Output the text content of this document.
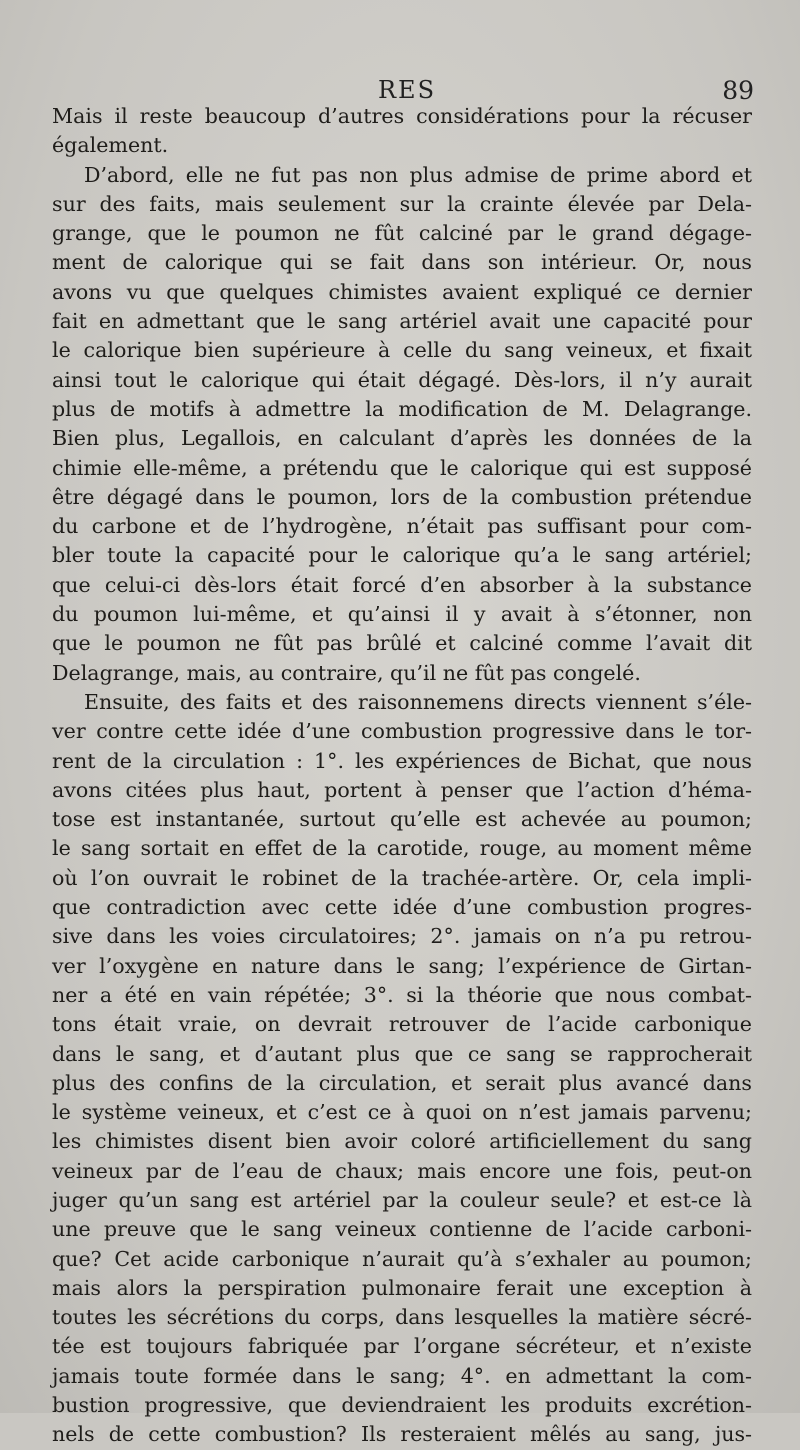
RES	89
Mais il reste beaucoup d’autres considérations pour la récuser
également.
D’abord, elle ne fut pas non plus admise de prime abord et
sur des faits, mais seulement sur la crainte élevée par Dela-
grange, que le poumon ne fût calciné par le grand dégage-
ment de calorique qui se fait dans son intérieur. Or, nous
avons vu que quelques chimistes avaient expliqué ce dernier
fait en admettant que le sang artériel avait une capacité pour
le calorique bien supérieure à celle du sang veineux, et fixait
ainsi tout le calorique qui était dégagé. Dès-lors, il n’y aurait
plus de motifs à admettre la modification de M. Delagrange.
Bien plus, Legallois, en calculant d’après les données de la
chimie elle-même, a prétendu que le calorique qui est supposé
être dégagé dans le poumon, lors de la combustion prétendue
du carbone et de l’hydrogène, n’était pas suffisant pour com-
bler toute la capacité pour le calorique qu’a le sang artériel;
que celui-ci dès-lors était forcé d’en absorber à la substance
du poumon lui-même, et qu’ainsi il y avait à s’étonner, non
que le poumon ne fût pas brûlé et calciné comme l’avait dit
Delagrange, mais, au contraire, qu’il ne fût pas congelé.
Ensuite, des faits et des raisonnemens directs viennent s’éle-
ver contre cette idée d’une combustion progressive dans le tor-
rent de la circulation : 1°. les expériences de Bichat, que nous
avons citées plus haut, portent à penser que l’action d’héma-
tose est instantanée, surtout qu’elle est achevée au poumon;
le sang sortait en effet de la carotide, rouge, au moment même
où l’on ouvrait le robinet de la trachée-artère. Or, cela impli-
que contradiction avec cette idée d’une combustion progres-
sive dans les voies circulatoires; 2°. jamais on n’a pu retrou-
ver l’oxygène en nature dans le sang; l’expérience de Girtan-
ner a été en vain répétée; 3°. si la théorie que nous combat-
tons était vraie, on devrait retrouver de l’acide carbonique
dans le sang, et d’autant plus que ce sang se rapprocherait
plus des confins de la circulation, et serait plus avancé dans
le système veineux, et c’est ce à quoi on n’est jamais parvenu;
les chimistes disent bien avoir coloré artificiellement du sang
veineux par de l’eau de chaux; mais encore une fois, peut-on
juger qu’un sang est artériel par la couleur seule? et est-ce là
une preuve que le sang veineux contienne de l’acide carboni-
que? Cet acide carbonique n’aurait qu’à s’exhaler au poumon;
mais alors la perspiration pulmonaire ferait une exception à
toutes les sécrétions du corps, dans lesquelles la matière sécré-
tée est toujours fabriquée par l’organe sécréteur, et n’existe
jamais toute formée dans le sang; 4°. en admettant la com-
bustion progressive, que deviendraient les produits excrétion-
nels de cette combustion? Ils resteraient mêlés au sang, jus-
